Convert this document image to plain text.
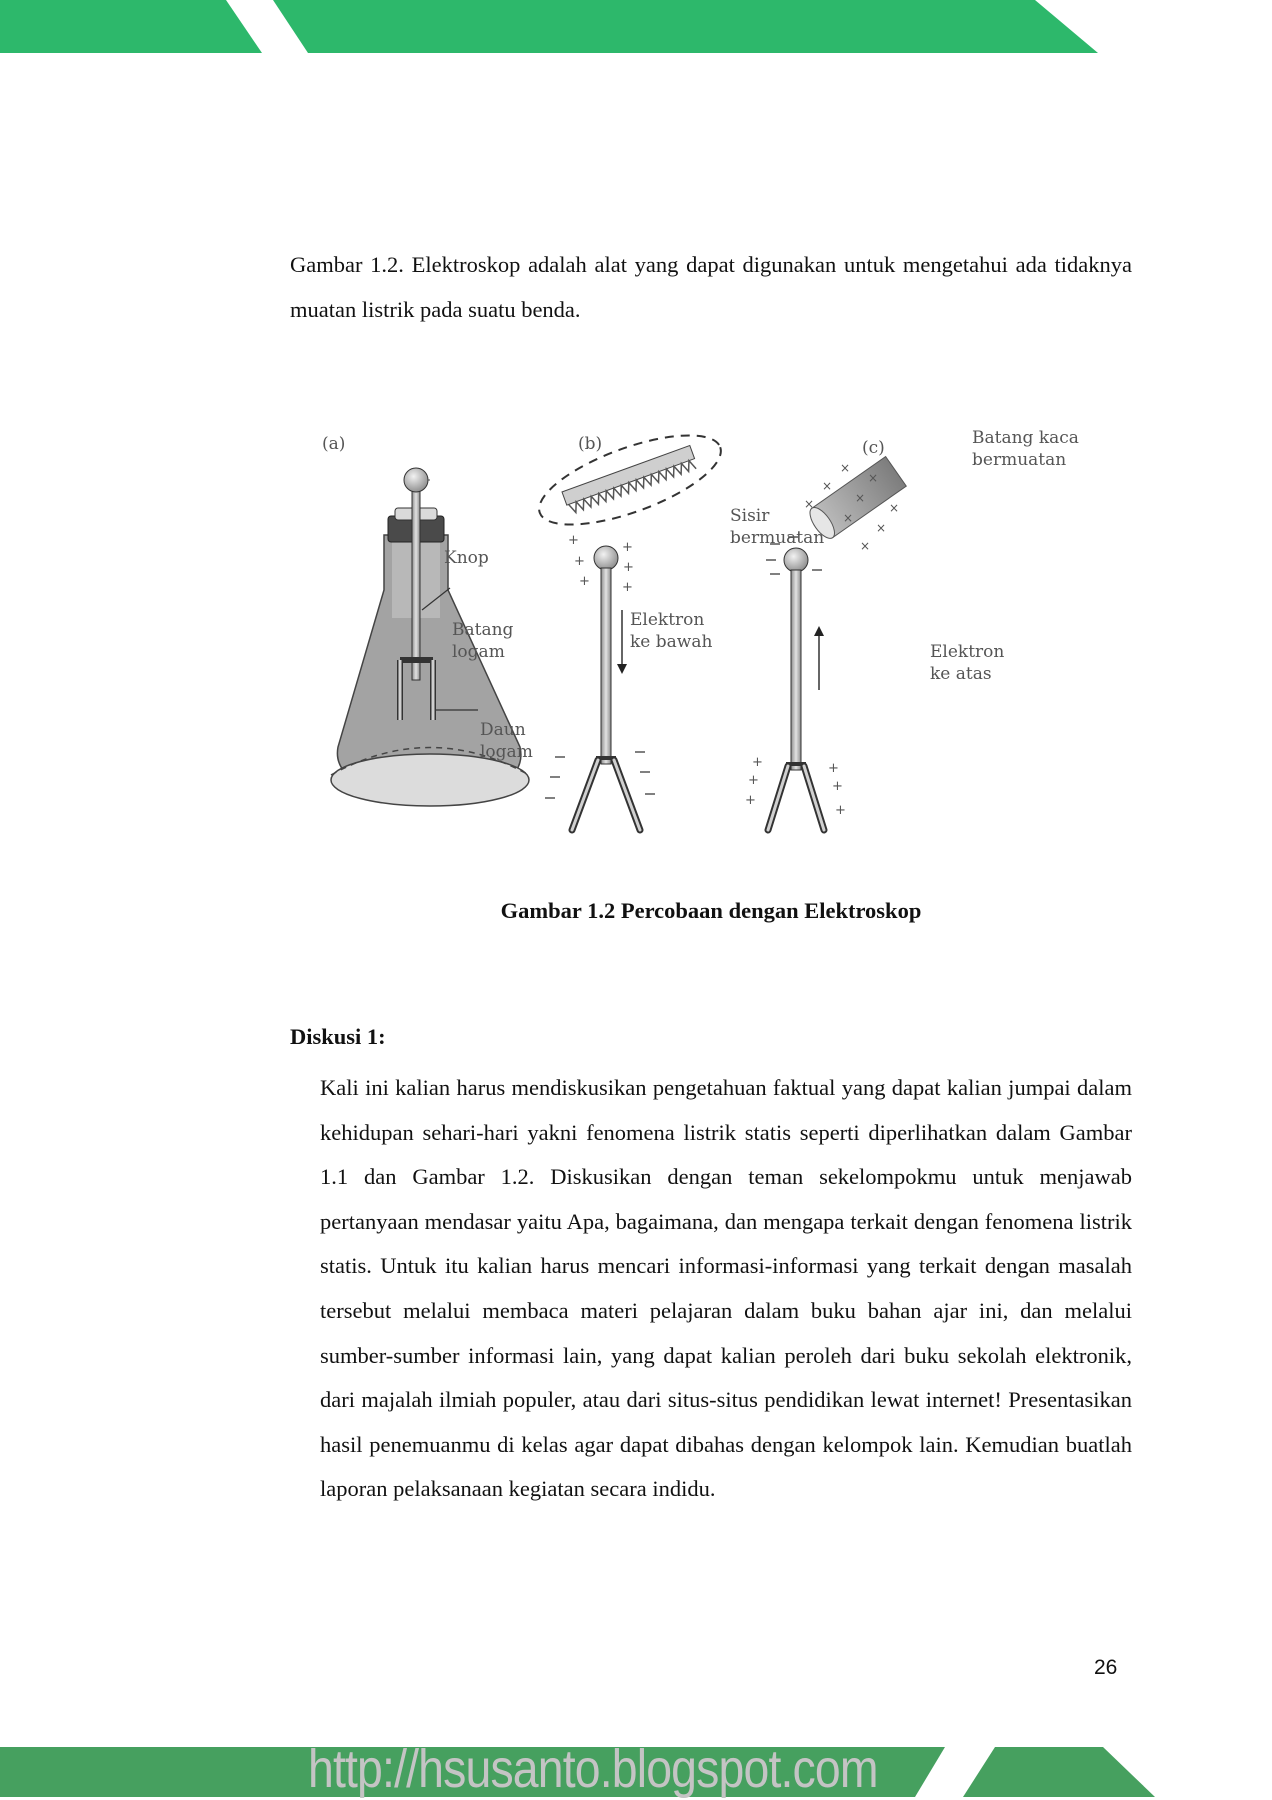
Gambar 1.2. Elektroskop adalah alat yang dapat digunakan untuk mengetahui ada tidaknya muatan listrik pada suatu benda.
+
+
+
+
+
+
×
×
×
×
×
×
×
×
×
+
+
+
+
+
+
(a)	(b)	(c)
Knop
Batang
logam
Daun
logam
Sisir
bermuatan
Elektron
ke bawah
Batang kaca
bermuatan
Elektron
ke atas
Gambar 1.2 Percobaan dengan Elektroskop
Diskusi 1:
Kali ini kalian harus mendiskusikan pengetahuan faktual yang dapat kalian jumpai dalam kehidupan sehari-hari yakni fenomena listrik statis seperti diperlihatkan dalam Gambar 1.1 dan Gambar 1.2. Diskusikan dengan teman sekelompokmu untuk menjawab pertanyaan mendasar yaitu Apa, bagaimana, dan mengapa terkait dengan fenomena listrik statis. Untuk itu kalian harus mencari informasi-informasi yang terkait dengan masalah tersebut melalui membaca materi pelajaran dalam buku bahan ajar ini, dan melalui sumber-sumber informasi lain, yang dapat kalian peroleh dari buku sekolah elektronik, dari majalah ilmiah populer, atau dari situs-situs pendidikan lewat internet! Presentasikan hasil penemuanmu di kelas agar dapat dibahas dengan kelompok lain. Kemudian buatlah laporan pelaksanaan kegiatan secara indidu.
26
http://hsusanto.blogspot.com
